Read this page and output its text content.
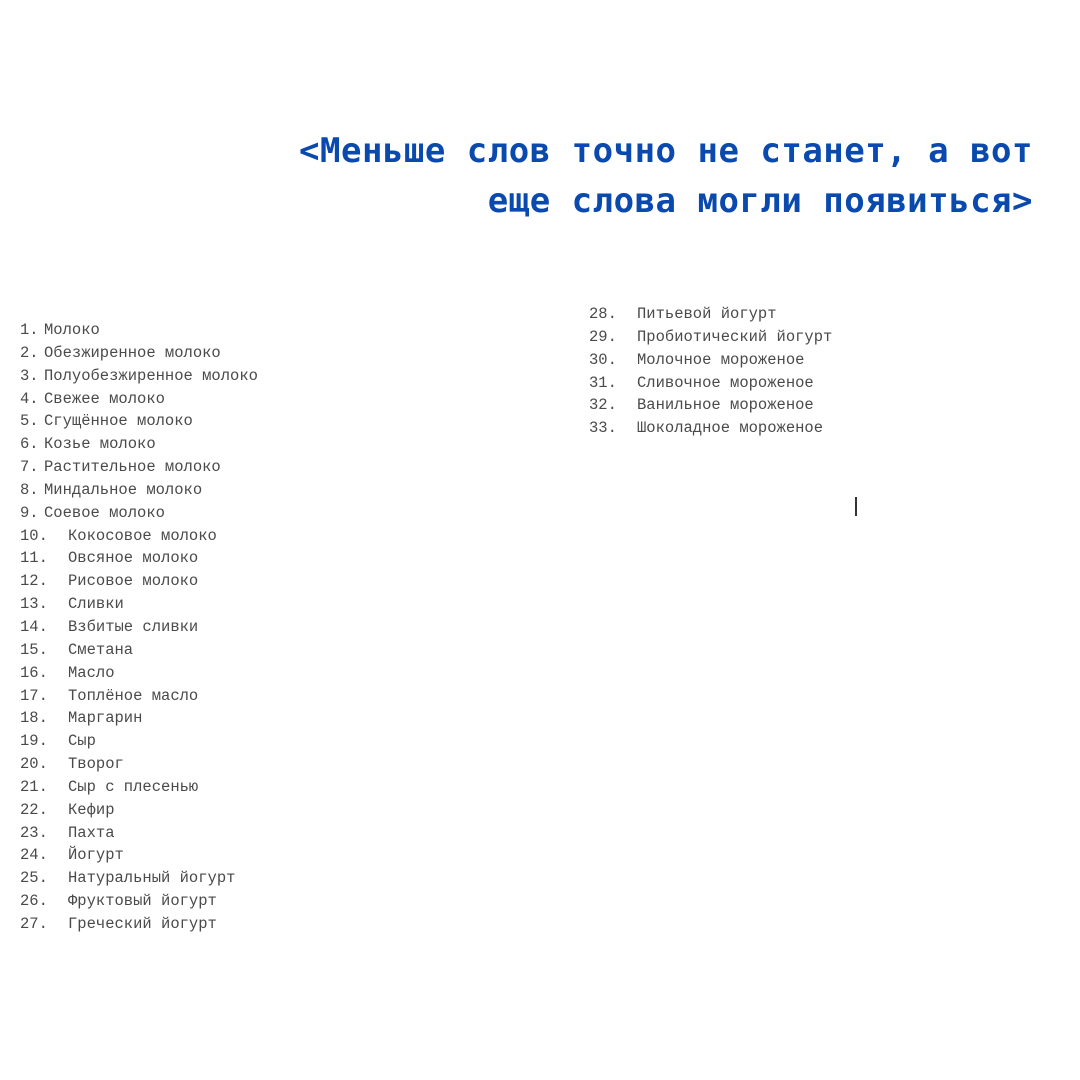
<Меньше слов точно не станет, а вот
еще слова могли появиться>
1. Молоко
2. Обезжиренное молоко
3. Полуобезжиренное молоко
4. Свежее молоко
5. Сгущённое молоко
6. Козье молоко
7. Растительное молоко
8. Миндальное молоко
9. Соевое молоко
10.	Кокосовое молоко
11.	Овсяное молоко
12.	Рисовое молоко
13.	Сливки
14.	Взбитые сливки
15.	Сметана
16.	Масло
17.	Топлёное масло
18.	Маргарин
19.	Сыр
20.	Творог
21.	Сыр с плесенью
22.	Кефир
23.	Пахта
24.	Йогурт
25.	Натуральный йогурт
26.	Фруктовый йогурт
27.	Греческий йогурт
28.	Питьевой йогурт
29.	Пробиотический йогурт
30.	Молочное мороженое
31.	Сливочное мороженое
32.	Ванильное мороженое
33.	Шоколадное мороженое
